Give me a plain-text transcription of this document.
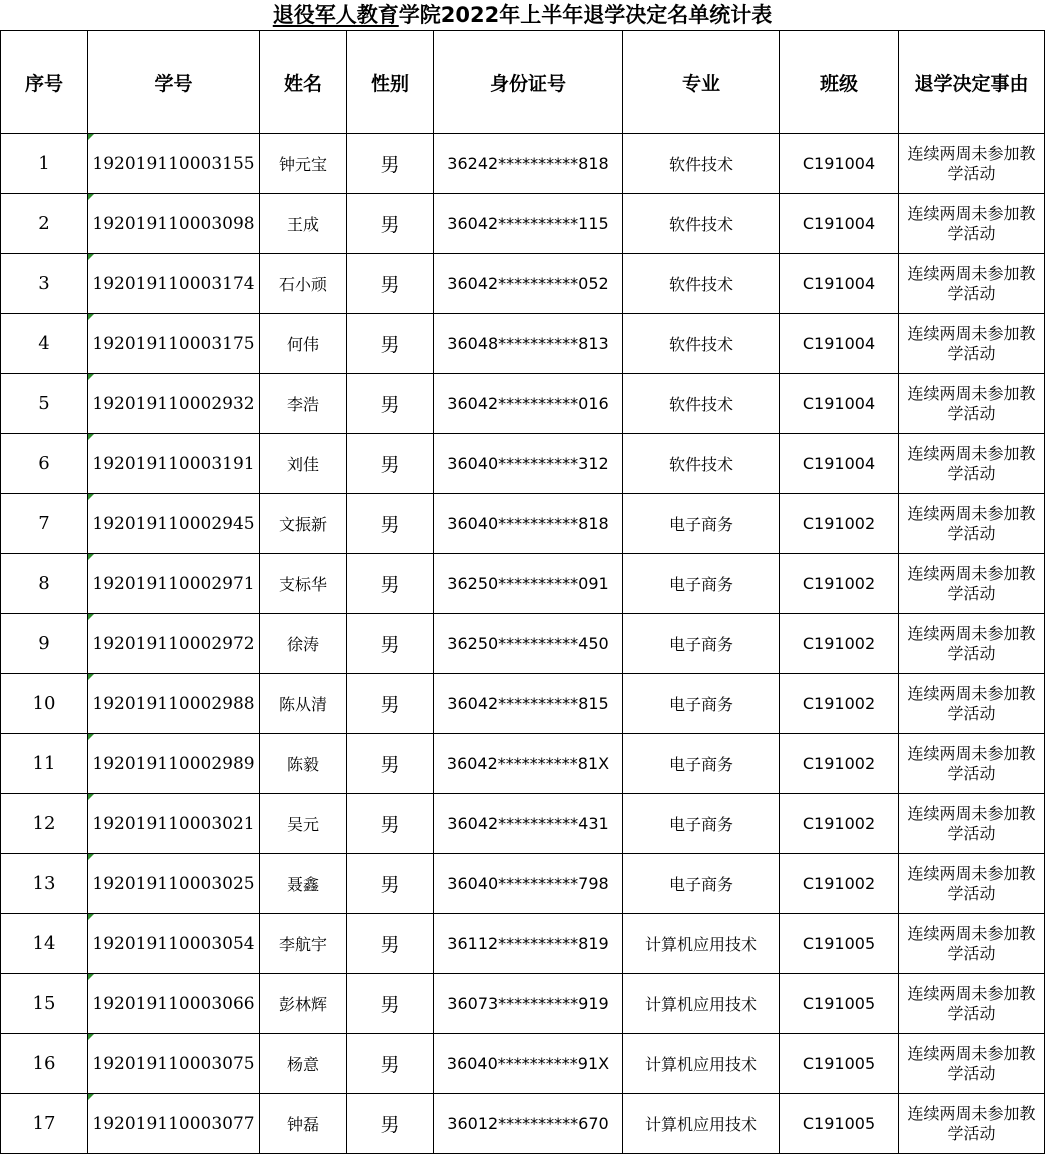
退役军人教育学院2022年上半年退学决定名单统计表
序号	学号	姓名	性别	身份证号	专业	班级	退学决定事由
1	192019110003155	钟元宝	男	36242**********818	软件技术	C191004	连续两周未参加教学活动
2	192019110003098	王成	男	36042**********115	软件技术	C191004	连续两周未参加教学活动
3	192019110003174	石小顽	男	36042**********052	软件技术	C191004	连续两周未参加教学活动
4	192019110003175	何伟	男	36048**********813	软件技术	C191004	连续两周未参加教学活动
5	192019110002932	李浩	男	36042**********016	软件技术	C191004	连续两周未参加教学活动
6	192019110003191	刘佳	男	36040**********312	软件技术	C191004	连续两周未参加教学活动
7	192019110002945	文振新	男	36040**********818	电子商务	C191002	连续两周未参加教学活动
8	192019110002971	支标华	男	36250**********091	电子商务	C191002	连续两周未参加教学活动
9	192019110002972	徐涛	男	36250**********450	电子商务	C191002	连续两周未参加教学活动
10	192019110002988	陈从清	男	36042**********815	电子商务	C191002	连续两周未参加教学活动
11	192019110002989	陈毅	男	36042**********81X	电子商务	C191002	连续两周未参加教学活动
12	192019110003021	吴元	男	36042**********431	电子商务	C191002	连续两周未参加教学活动
13	192019110003025	聂鑫	男	36040**********798	电子商务	C191002	连续两周未参加教学活动
14	192019110003054	李航宇	男	36112**********819	计算机应用技术	C191005	连续两周未参加教学活动
15	192019110003066	彭林辉	男	36073**********919	计算机应用技术	C191005	连续两周未参加教学活动
16	192019110003075	杨意	男	36040**********91X	计算机应用技术	C191005	连续两周未参加教学活动
17	192019110003077	钟磊	男	36012**********670	计算机应用技术	C191005	连续两周未参加教学活动
